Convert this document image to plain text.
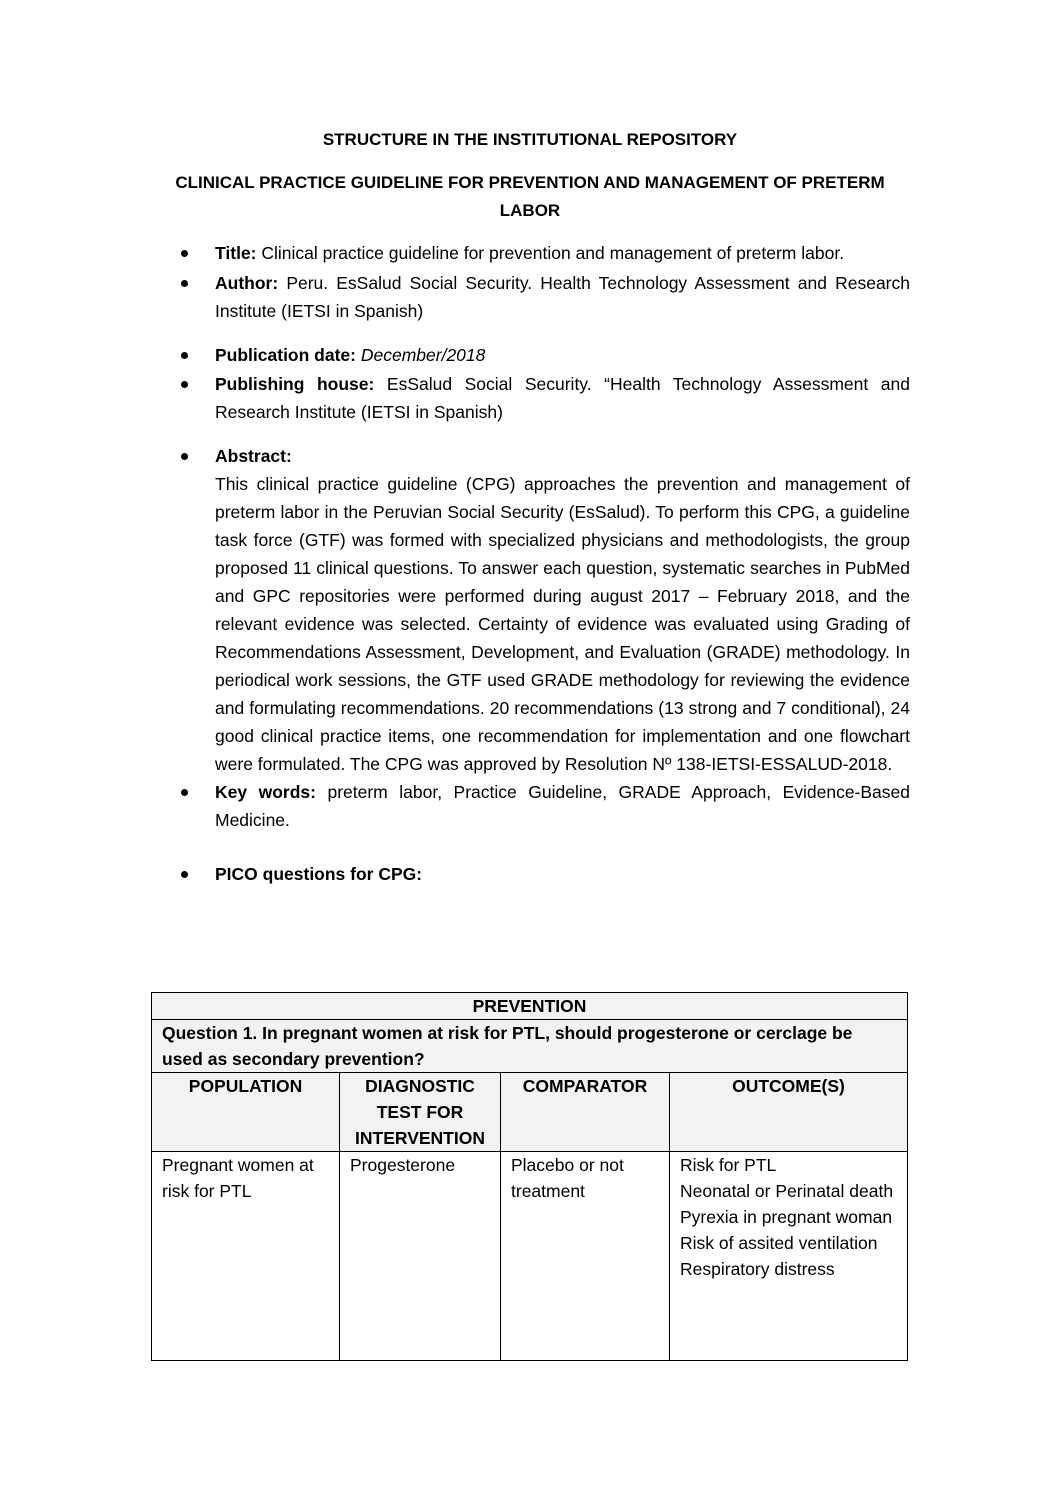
STRUCTURE IN THE INSTITUTIONAL REPOSITORY
CLINICAL PRACTICE GUIDELINE FOR PREVENTION AND MANAGEMENT OF PRETERM LABOR
Title: Clinical practice guideline for prevention and management of preterm labor.
Author: Peru. EsSalud Social Security. Health Technology Assessment and Research Institute (IETSI in Spanish)
Publication date: December/2018
Publishing house: EsSalud Social Security. “Health Technology Assessment and Research Institute (IETSI in Spanish)
Abstract:
This clinical practice guideline (CPG) approaches the prevention and management of preterm labor in the Peruvian Social Security (EsSalud). To perform this CPG, a guideline task force (GTF) was formed with specialized physicians and methodologists, the group proposed 11 clinical questions. To answer each question, systematic searches in PubMed and GPC repositories were performed during august 2017 – February 2018, and the relevant evidence was selected. Certainty of evidence was evaluated using Grading of Recommendations Assessment, Development, and Evaluation (GRADE) methodology. In periodical work sessions, the GTF used GRADE methodology for reviewing the evidence and formulating recommendations. 20 recommendations (13 strong and 7 conditional), 24 good clinical practice items, one recommendation for implementation and one flowchart were formulated. The CPG was approved by Resolution Nº 138-IETSI-ESSALUD-2018.
Key words: preterm labor, Practice Guideline, GRADE Approach, Evidence-Based Medicine.
PICO questions for CPG:
PREVENTION			
Question 1. In pregnant women at risk for PTL, should progesterone or cerclage be used as secondary prevention?			
POPULATION	DIAGNOSTIC TEST FOR INTERVENTION	COMPARATOR	OUTCOME(S)
Pregnant women at risk for PTL	Progesterone	Placebo or not treatment	Risk for PTL
Neonatal or Perinatal death
Pyrexia in pregnant woman
Risk of assited ventilation
Respiratory distress
